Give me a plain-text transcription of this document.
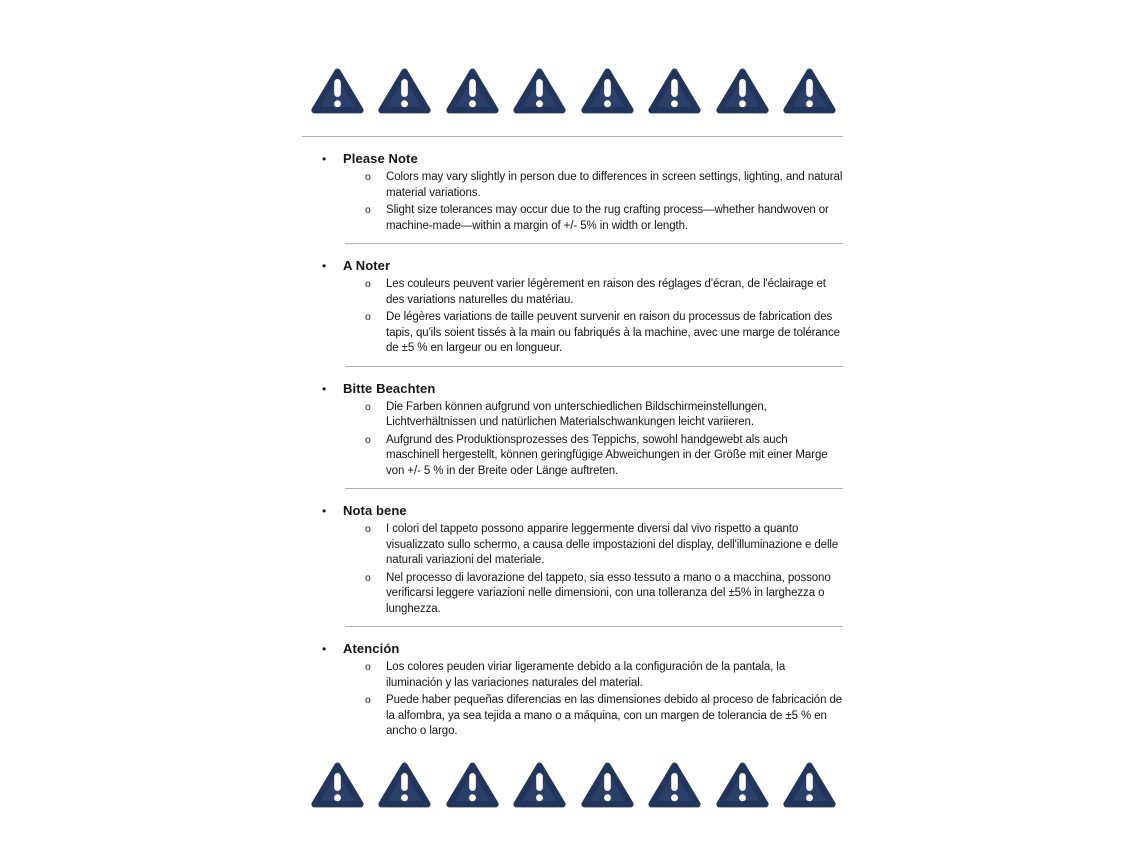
•	Please Note
o	Colors may vary slightly in person due to differences in screen settings, lighting, and natural material variations.

o	Slight size tolerances may occur due to the rug crafting process—whether handwoven or machine-made—within a margin of +/- 5% in width or length.

•	A Noter
o	Les couleurs peuvent varier légèrement en raison des réglages d'écran, de l'éclairage et des variations naturelles du matériau.

o	De légères variations de taille peuvent survenir en raison du processus de fabrication des tapis, qu'ils soient tissés à la main ou fabriqués à la machine, avec une marge de tolérance de ±5 % en largeur ou en longueur.

•	Bitte Beachten
o	Die Farben können aufgrund von unterschiedlichen Bildschirmeinstellungen, Lichtverhältnissen und natürlichen Materialschwankungen leicht variieren.

o	Aufgrund des Produktionsprozesses des Teppichs, sowohl handgewebt als auch maschinell hergestellt, können geringfügige Abweichungen in der Größe mit einer Marge von +/- 5 % in der Breite oder Länge auftreten.

•	Nota bene
o	I colori del tappeto possono apparire leggermente diversi dal vivo rispetto a quanto visualizzato sullo schermo, a causa delle impostazioni del display, dell'illuminazione e delle naturali variazioni del materiale.

o	Nel processo di lavorazione del tappeto, sia esso tessuto a mano o a macchina, possono verificarsi leggere variazioni nelle dimensioni, con una tolleranza del ±5% in larghezza o lunghezza.

•	Atención
o	Los colores peuden viriar ligeramente debido a la configuración de la pantala, la iluminación y las variaciones naturales del material.

o	Puede haber pequeñas diferencias en las dimensiones debido al proceso de fabricación de la alfombra, ya sea tejida a mano o a máquina, con un margen de tolerancia de ±5 % en ancho o largo.
